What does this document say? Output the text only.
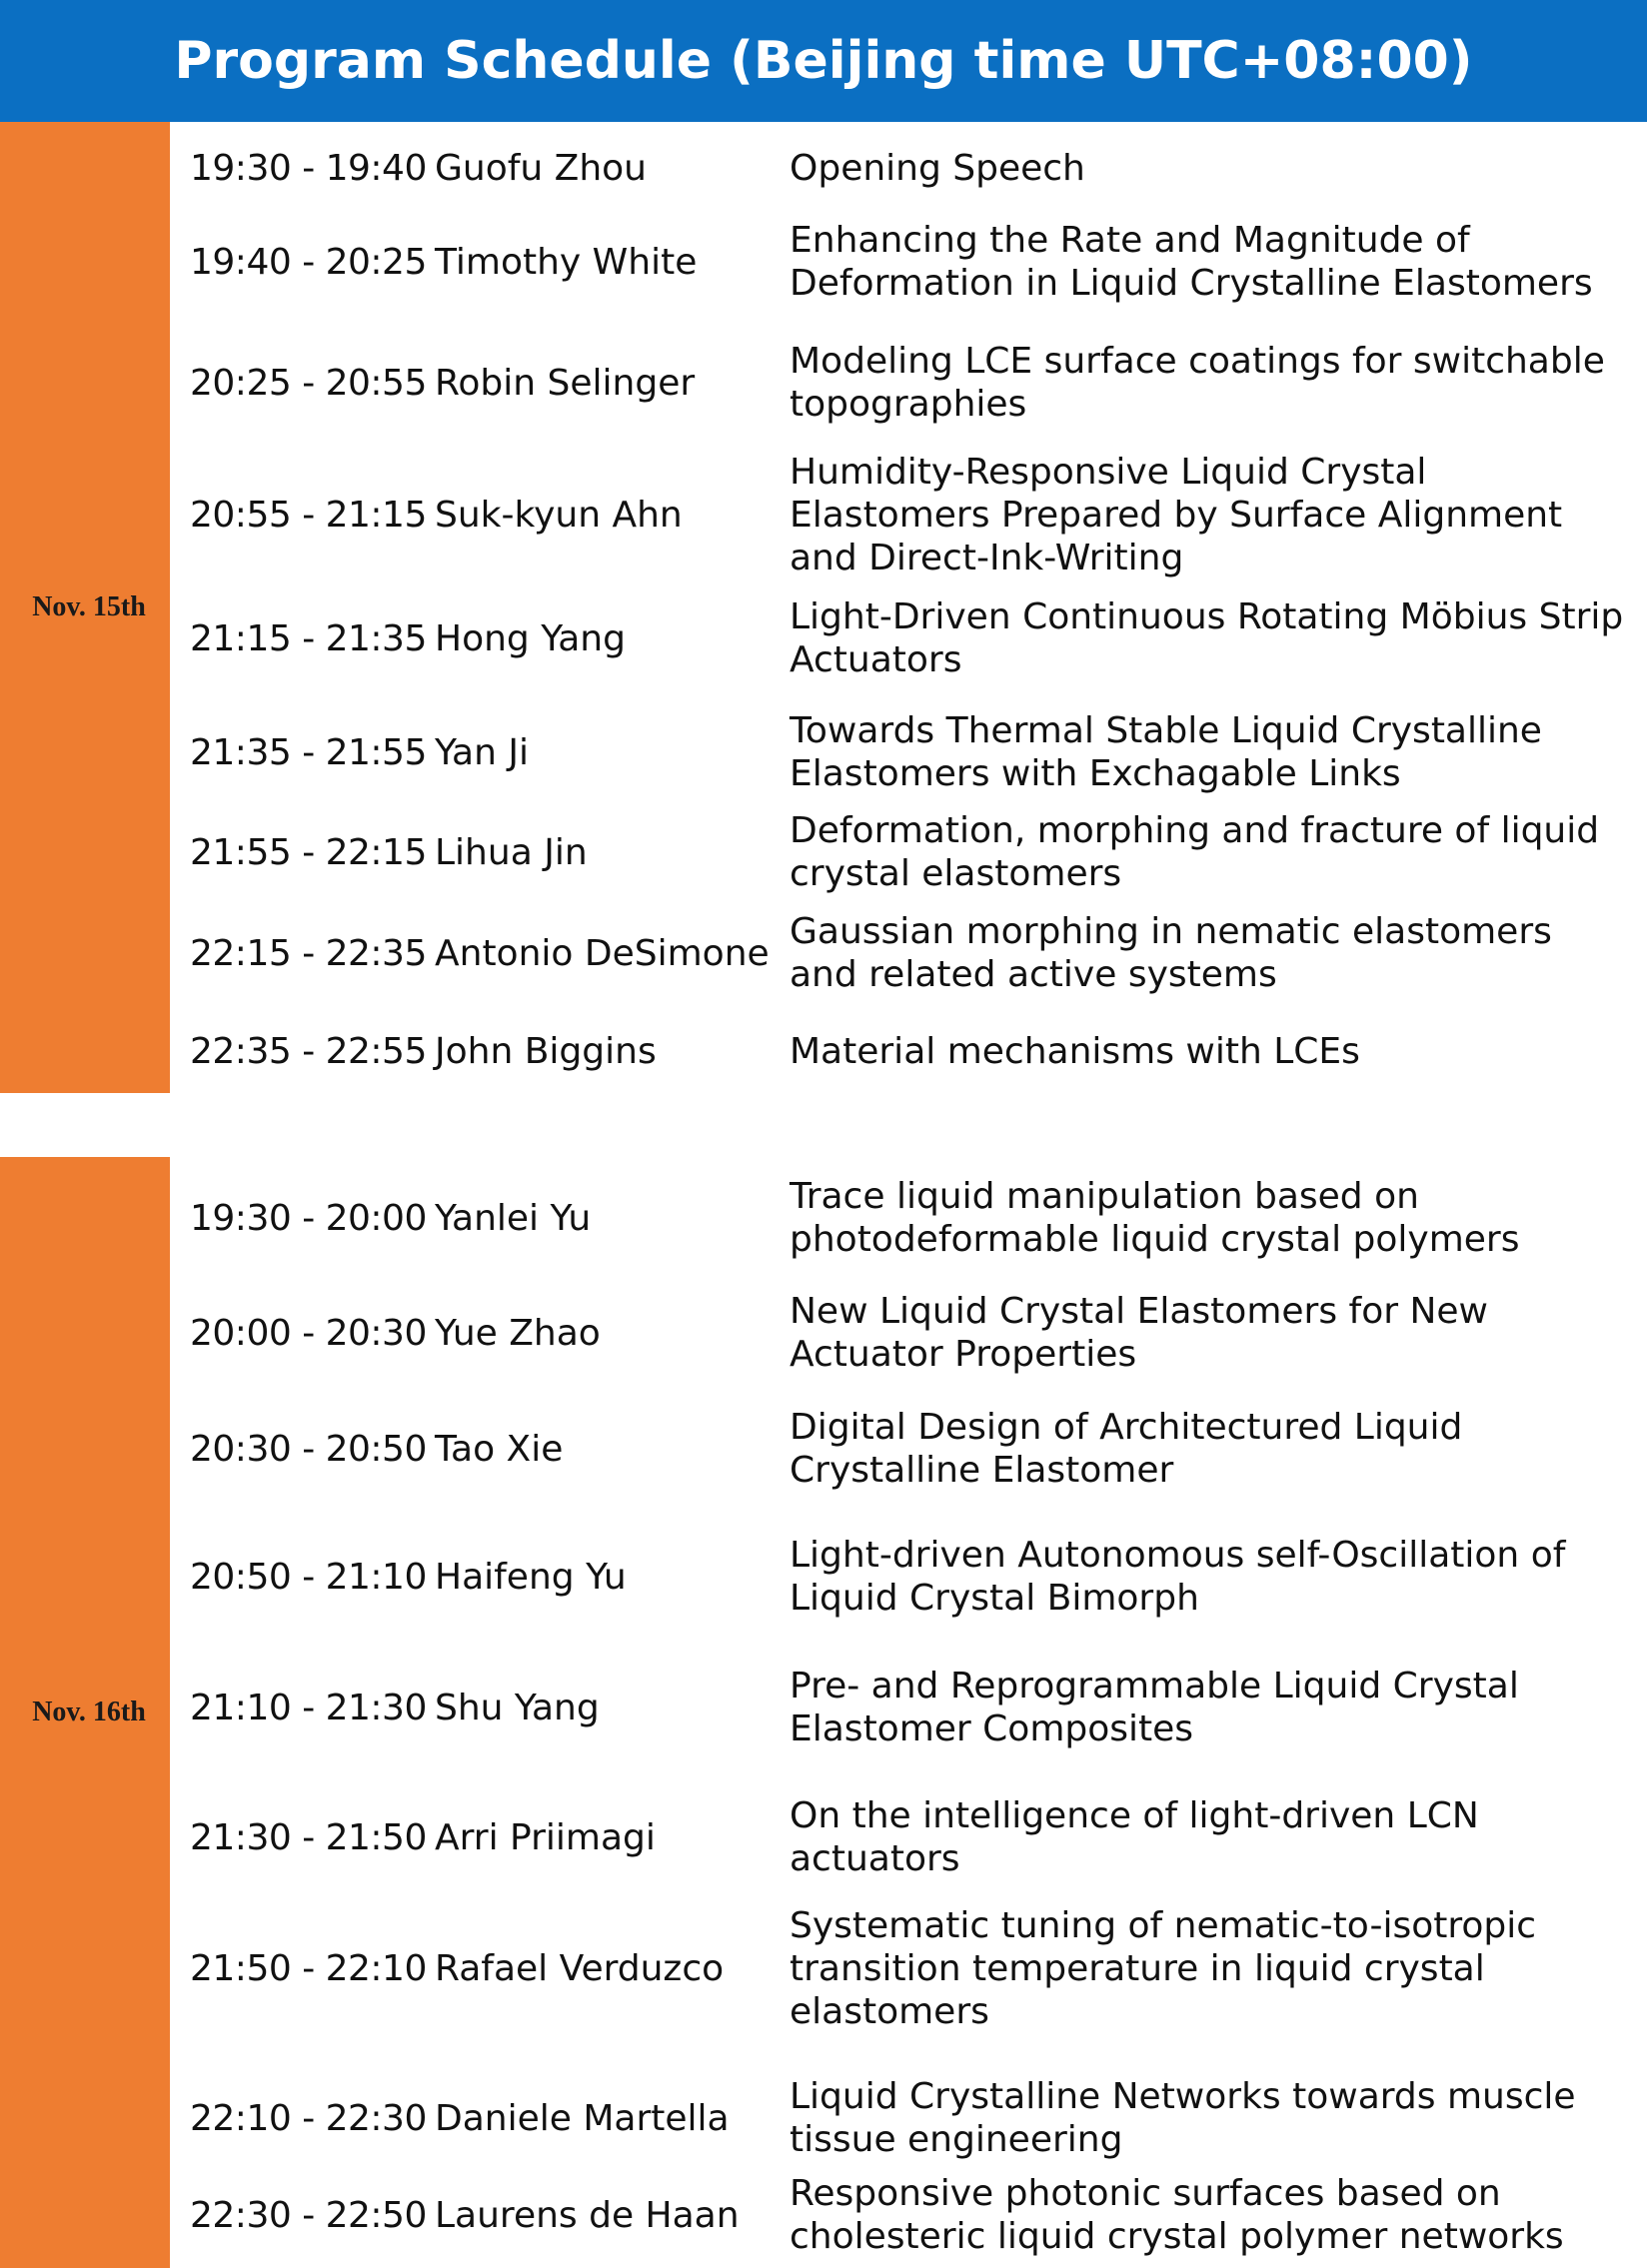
Program Schedule (Beijing time UTC+08:00)
Nov. 15th
19:30 - 19:40 Guofu Zhou	Opening Speech
19:40 - 20:25 Timothy White
Enhancing the Rate and Magnitude of Deformation in Liquid Crystalline Elastomers
20:25 - 20:55 Robin Selinger
Modeling LCE surface coatings for switchable topographies
20:55 - 21:15 Suk-kyun Ahn
Humidity-Responsive Liquid Crystal Elastomers Prepared by Surface Alignment and Direct-Ink-Writing
21:15 - 21:35 Hong Yang
Light-Driven Continuous Rotating Möbius Strip Actuators
21:35 - 21:55 Yan Ji
Towards Thermal Stable Liquid Crystalline Elastomers with Exchagable Links
21:55 - 22:15 Lihua Jin
Deformation, morphing and fracture of liquid crystal elastomers
22:15 - 22:35 Antonio DeSimone
Gaussian morphing in nematic elastomers and related active systems
22:35 - 22:55 John Biggins	Material mechanisms with LCEs
Nov. 16th
19:30 - 20:00 Yanlei Yu
Trace liquid manipulation based on photodeformable liquid crystal polymers
20:00 - 20:30 Yue Zhao
New Liquid Crystal Elastomers for New Actuator Properties
20:30 - 20:50 Tao Xie
Digital Design of Architectured Liquid Crystalline Elastomer
20:50 - 21:10 Haifeng Yu
Light-driven Autonomous self-Oscillation of Liquid Crystal Bimorph
21:10 - 21:30 Shu Yang
Pre- and Reprogrammable Liquid Crystal Elastomer Composites
21:30 - 21:50 Arri Priimagi
On the intelligence of light-driven LCN actuators
21:50 - 22:10 Rafael Verduzco
Systematic tuning of nematic-to-isotropic transition temperature in liquid crystal elastomers
22:10 - 22:30 Daniele Martella
Liquid Crystalline Networks towards muscle tissue engineering
22:30 - 22:50 Laurens de Haan
Responsive photonic surfaces based on cholesteric liquid crystal polymer networks
